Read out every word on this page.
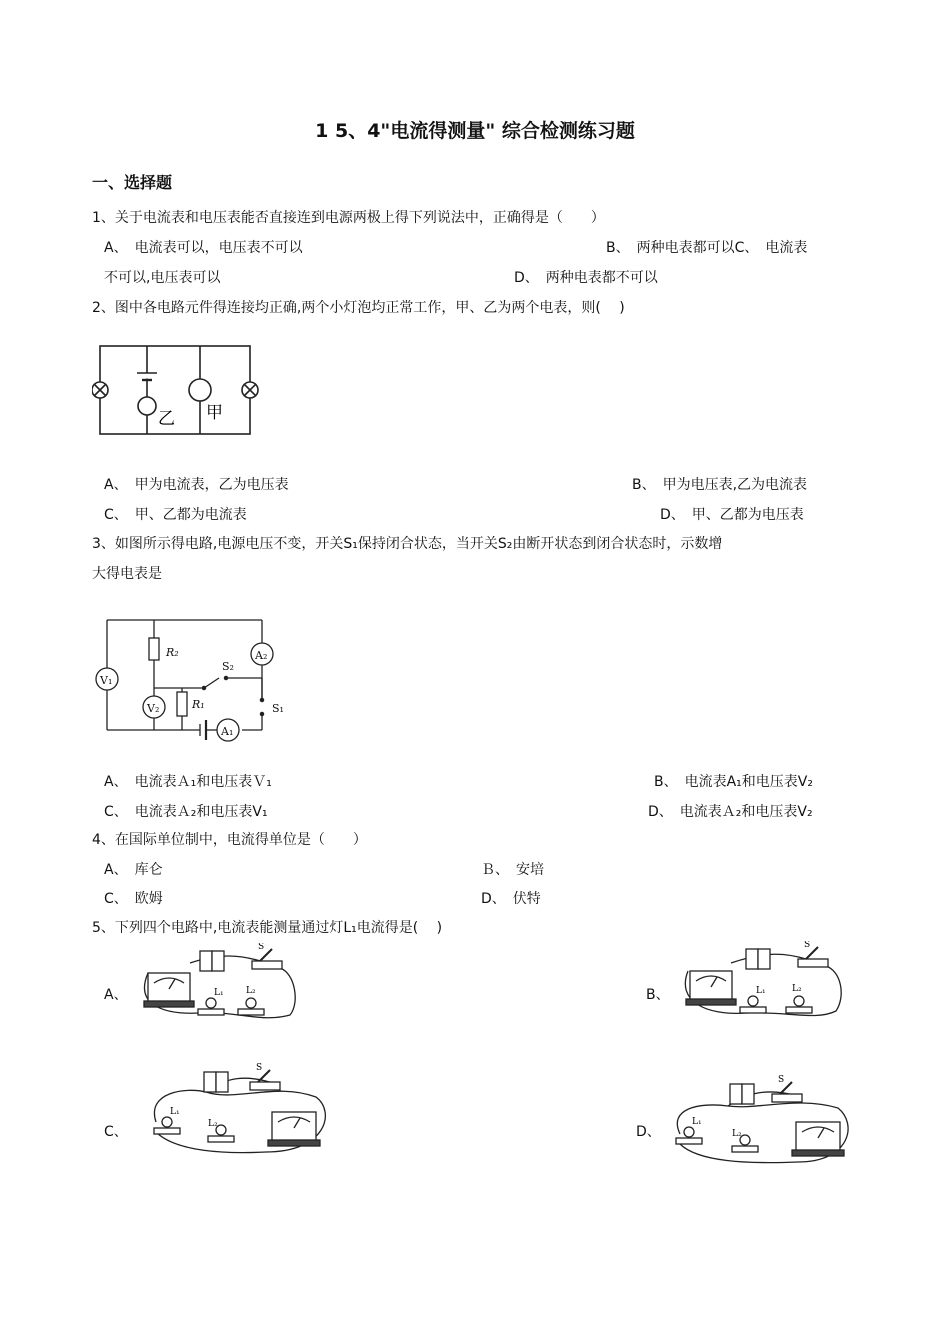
1 5、4"电流得测量" 综合检测练习题
一、选择题
1、关于电流表和电压表能否直接连到电源两极上得下列说法中，正确得是（　　）
A、　电流表可以，电压表不可以	B、　两种电表都可以C、　电流表
不可以,电压表可以	D、　两种电表都不可以
2、图中各电路元件得连接均正确,两个小灯泡均正常工作，甲、乙为两个电表，则(　 )
乙 甲
A、　甲为电流表，乙为电压表	B、　甲为电压表,乙为电流表
C、　甲、乙都为电流表	D、　甲、乙都为电压表
3、如图所示得电路,电源电压不变，开关S₁保持闭合状态，当开关S₂由断开状态到闭合状态时，示数增
大得电表是
V₁
V₂
A₂
A₁
R₂
R₁
S₂
S₁
A、　电流表Ａ₁和电压表Ｖ₁	B、　电流表A₁和电压表V₂
C、　电流表Ａ₂和电压表V₁	D、　电流表Ａ₂和电压表V₂
4、在国际单位制中，电流得单位是（　　）
A、　库仑	Ｂ、　安培
C、　欧姆	D、　伏特
5、下列四个电路中,电流表能测量通过灯L₁电流得是(　 )
A、
S
L₁ L₂	B、
S
L₁	L₂
C、
S
L₁
L₂	D、
S
L₁
L₂
